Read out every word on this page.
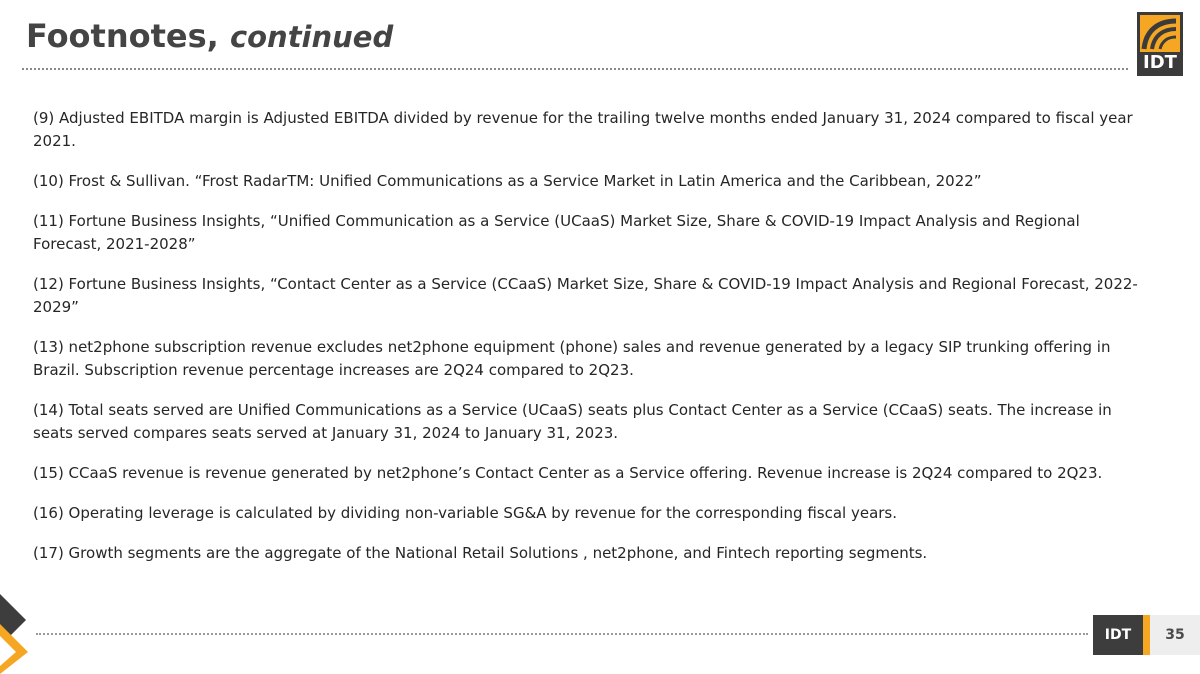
Footnotes, continued
IDT

(9) Adjusted EBITDA margin is Adjusted EBITDA divided by revenue for the trailing twelve months ended January 31, 2024 compared to fiscal year 2021.

(10) Frost & Sullivan. “Frost RadarTM: Unified Communications as a Service Market in Latin America and the Caribbean, 2022”

(11) Fortune Business Insights, “Unified Communication as a Service (UCaaS) Market Size, Share & COVID-19 Impact Analysis and Regional Forecast, 2021-2028”

(12) Fortune Business Insights, “Contact Center as a Service (CCaaS) Market Size, Share & COVID-19 Impact Analysis and Regional Forecast, 2022-2029”

(13) net2phone subscription revenue excludes net2phone equipment (phone) sales and revenue generated by a legacy SIP trunking offering in Brazil. Subscription revenue percentage increases are 2Q24 compared to 2Q23.

(14) Total seats served are Unified Communications as a Service (UCaaS) seats plus Contact Center as a Service (CCaaS) seats. The increase in seats served compares seats served at January 31, 2024 to January 31, 2023.

(15) CCaaS revenue is revenue generated by net2phone’s Contact Center as a Service offering. Revenue increase is 2Q24 compared to 2Q23.

(16) Operating leverage is calculated by dividing non-variable SG&A by revenue for the corresponding fiscal years.

(17) Growth segments are the aggregate of the National Retail Solutions , net2phone, and Fintech reporting segments.

IDT	35
